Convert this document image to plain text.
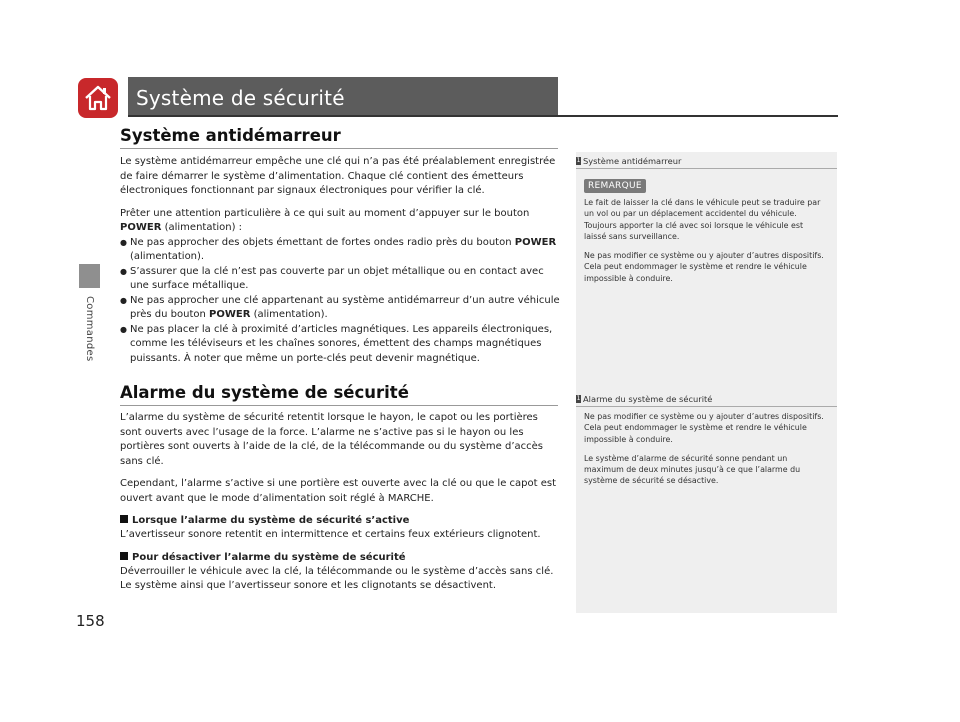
Système de sécurité
Commandes
158
Système antidémarreur

Le système antidémarreur empêche une clé qui n’a pas été préalablement enregistrée de faire démarrer le système d’alimentation. Chaque clé contient des émetteurs électroniques fonctionnant par signaux électroniques pour vérifier la clé.

Prêter une attention particulière à ce qui suit au moment d’appuyer sur le bouton POWER (alimentation) :

● Ne pas approcher des objets émettant de fortes ondes radio près du bouton POWER (alimentation).
● S’assurer que la clé n’est pas couverte par un objet métallique ou en contact avec une surface métallique.
● Ne pas approcher une clé appartenant au système antidémarreur d’un autre véhicule près du bouton POWER (alimentation).
● Ne pas placer la clé à proximité d’articles magnétiques. Les appareils électroniques, comme les téléviseurs et les chaînes sonores, émettent des champs magnétiques puissants. À noter que même un porte-clés peut devenir magnétique.
Alarme du système de sécurité

L’alarme du système de sécurité retentit lorsque le hayon, le capot ou les portières sont ouverts avec l’usage de la force. L’alarme ne s’active pas si le hayon ou les portières sont ouverts à l’aide de la clé, de la télécommande ou du système d’accès sans clé.

Cependant, l’alarme s’active si une portière est ouverte avec la clé ou que le capot est ouvert avant que le mode d’alimentation soit réglé à MARCHE.

Lorsque l’alarme du système de sécurité s’active

L’avertisseur sonore retentit en intermittence et certains feux extérieurs clignotent.

Pour désactiver l’alarme du système de sécurité

Déverrouiller le véhicule avec la clé, la télécommande ou le système d’accès sans clé. Le système ainsi que l’avertisseur sonore et les clignotants se désactivent.

1 Système antidémarreur
REMARQUE

Le fait de laisser la clé dans le véhicule peut se traduire par un vol ou par un déplacement accidentel du véhicule.

Toujours apporter la clé avec soi lorsque le véhicule est laissé sans surveillance.

Ne pas modifier ce système ou y ajouter d’autres dispositifs. Cela peut endommager le système et rendre le véhicule impossible à conduire.

1 Alarme du système de sécurité

Ne pas modifier ce système ou y ajouter d’autres dispositifs. Cela peut endommager le système et rendre le véhicule impossible à conduire.

Le système d’alarme de sécurité sonne pendant un maximum de deux minutes jusqu’à ce que l’alarme du système de sécurité se désactive.
